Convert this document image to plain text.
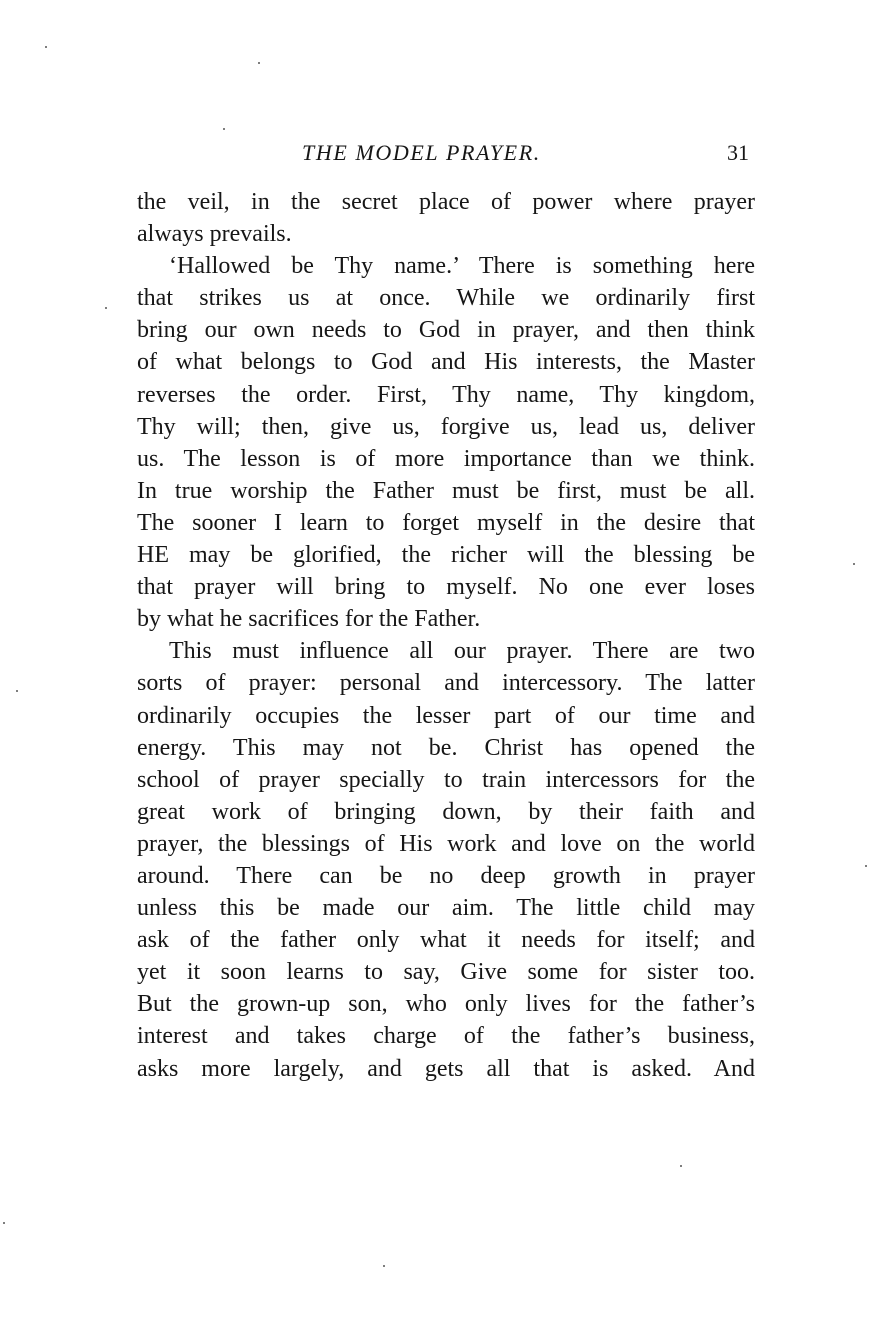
THE MODEL PRAYER.	31
the veil, in the secret place of power where prayer
always prevails.
‘Hallowed be Thy name.’ There is something here
that strikes us at once. While we ordinarily first
bring our own needs to God in prayer, and then think
of what belongs to God and His interests, the Master
reverses the order. First, Thy name, Thy kingdom,
Thy will; then, give us, forgive us, lead us, deliver
us. The lesson is of more importance than we think.
In true worship the Father must be first, must be all.
The sooner I learn to forget myself in the desire that
HE may be glorified, the richer will the blessing be
that prayer will bring to myself. No one ever loses
by what he sacrifices for the Father.
This must influence all our prayer. There are two
sorts of prayer: personal and intercessory. The latter
ordinarily occupies the lesser part of our time and
energy. This may not be. Christ has opened the
school of prayer specially to train intercessors for the
great work of bringing down, by their faith and
prayer, the blessings of His work and love on the world
around. There can be no deep growth in prayer
unless this be made our aim. The little child may
ask of the father only what it needs for itself; and
yet it soon learns to say, Give some for sister too.
But the grown-up son, who only lives for the father’s
interest and takes charge of the father’s business,
asks more largely, and gets all that is asked. And
